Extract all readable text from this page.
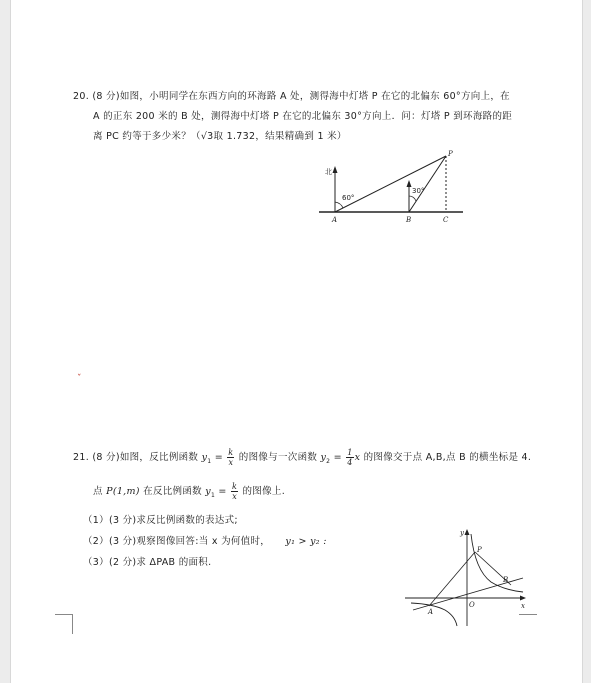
20. (8 分)如图，小明同学在东西方向的环海路 A 处，测得海中灯塔 P 在它的北偏东 60°方向上，在
A 的正东 200 米的 B 处，测得海中灯塔 P 在它的北偏东 30°方向上．问：灯塔 P 到环海路的距
离 PC 约等于多少米？（√3取 1.732，结果精确到 1 米）
北
60°
30°
A	B	C
P
ˇ
21. (8 分)如图，反比例函数 $y_1 = \frac{k}{x}$ 的图像与一次函数 $y_2 = \frac{1}{4}$ x 的图像交于点 A,B,点 B 的横坐标是 4.
点 P(1,m) 在反比例函数 $y_1 = \frac{k}{x}$ 的图像上.
（1）(3 分)求反比例函数的表达式;
（2）(3 分)观察图像回答:当 x 为何值时， y₁ > y₂ :
（3）(2 分)求 ΔPAB 的面积.
y
x
O
P
A
B
